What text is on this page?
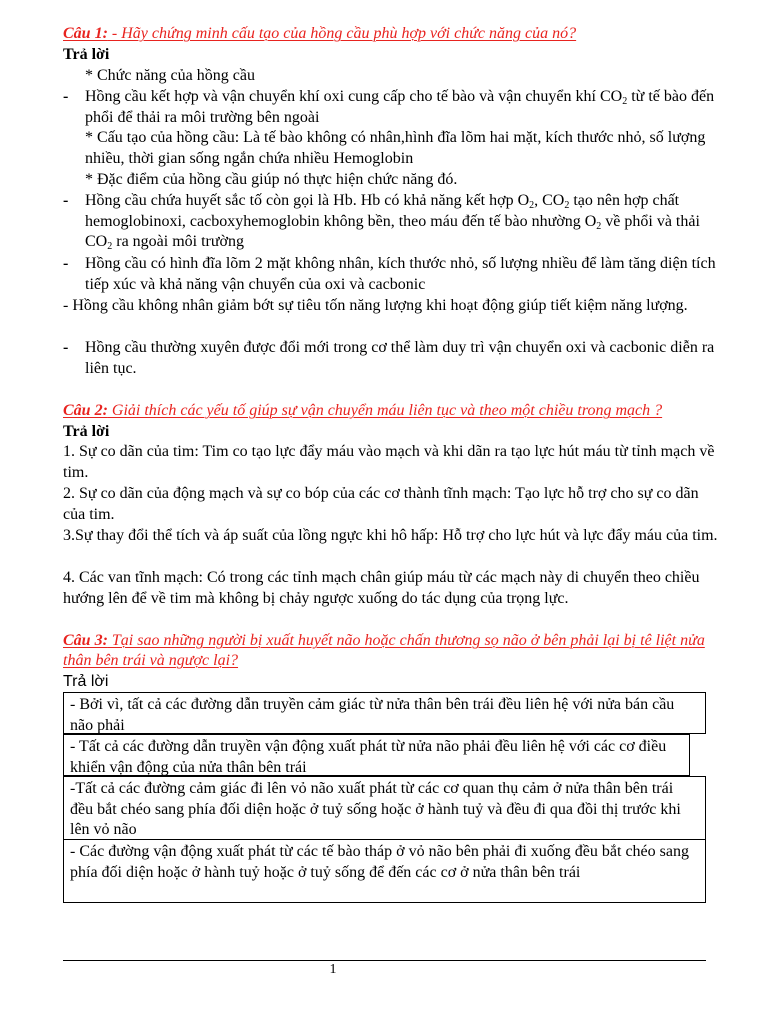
Câu 1: - Hãy chứng minh cấu tạo của hồng cầu phù hợp với chức năng của nó?
Trả lời
* Chức năng của hồng cầu
- Hồng cầu kết hợp và vận chuyển khí oxi cung cấp cho tế bào và vận chuyển khí $CO_2$ từ tế bào đến phổi để thải ra môi trường bên ngoài
* Cấu tạo của hồng cầu: Là tế bào không có nhân,hình đĩa lõm hai mặt, kích thước nhỏ, số lượng nhiều, thời gian sống ngắn chứa nhiều Hemoglobin
* Đặc điểm của hồng cầu giúp nó thực hiện chức năng đó.
- Hồng cầu chứa huyết sắc tố còn gọi là Hb. Hb có khả năng kết hợp $O_2$, $CO_2$ tạo nên hợp chất hemoglobinoxi, cacboxyhemoglobin không bền, theo máu đến tế bào nhường $O_2$ về phổi và thải $CO_2$ ra ngoài môi trường
- Hồng cầu có hình đĩa lõm 2 mặt không nhân, kích thước nhỏ, số lượng nhiều để làm tăng diện tích tiếp xúc và khả năng vận chuyển của oxi và cacbonic
- Hồng cầu không nhân giảm bớt sự tiêu tốn năng lượng khi hoạt động giúp tiết kiệm năng lượng.
- Hồng cầu thường xuyên được đổi mới trong cơ thể làm duy trì vận chuyển oxi và cacbonic diễn ra liên tục.
Câu 2: Giải thích các yếu tố giúp sự vận chuyển máu liên tục và theo một chiều trong mạch ?
Trả lời
1. Sự co dãn của tim: Tim co tạo lực đẩy máu vào mạch và khi dãn ra tạo lực hút máu từ tỉnh mạch về tim.
2. Sự co dãn của động mạch và sự co bóp của các cơ thành tĩnh mạch: Tạo lực hỗ trợ cho sự co dãn của tim.
3.Sự thay đổi thể tích và áp suất của lồng ngực khi hô hấp: Hỗ trợ cho lực hút và lực đẩy máu của tim.
4. Các van tĩnh mạch: Có trong các tỉnh mạch chân giúp máu từ các mạch này di chuyển theo chiều hướng lên để về tim mà không bị chảy ngược xuống do tác dụng của trọng lực.
Câu 3: Tại sao những người bị xuất huyết não hoặc chấn thương sọ não ở bên phải lại bị tê liệt nửa thân bên trái và ngược lại?
Trả lời
- Bởi vì, tất cả các đường dẫn truyền cảm giác từ nửa thân bên trái đều liên hệ với nửa bán cầu não phải
- Tất cả các đường dẫn truyền vận động xuất phát từ nửa não phải đều liên hệ với các cơ điều khiển vận động của nửa thân bên trái
-Tất cả các đường cảm giác đi lên vỏ não xuất phát từ các cơ quan thụ cảm ở nửa thân bên trái đều bắt chéo sang phía đối diện hoặc ở tuỷ sống hoặc ở hành tuỷ và đều đi qua đồi thị trước khi lên vỏ não
- Các đường vận động xuất phát từ các tế bào tháp ở vỏ não bên phải đi xuống đều bắt chéo sang phía đối diện hoặc ở hành tuỷ hoặc ở tuỷ sống để đến các cơ ở nửa thân bên trái
1
